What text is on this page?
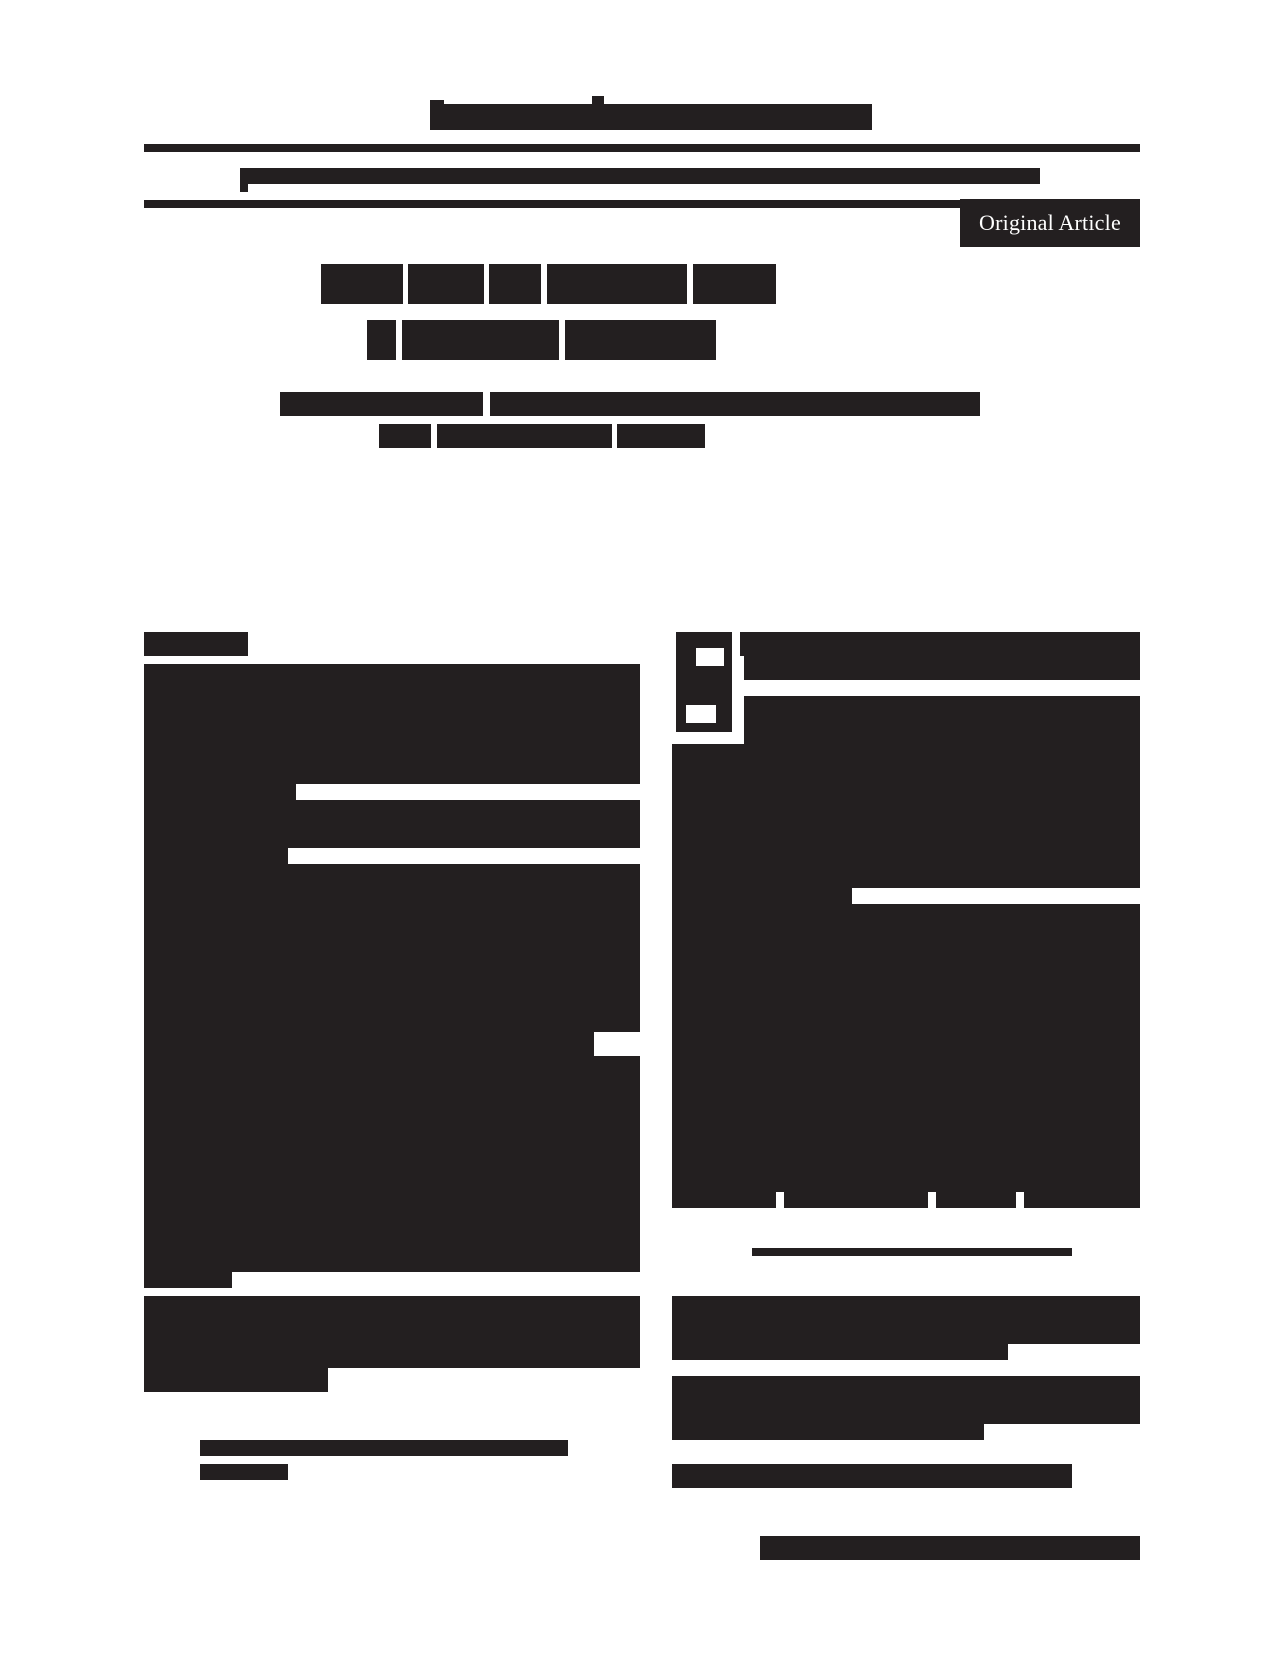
Original Article
